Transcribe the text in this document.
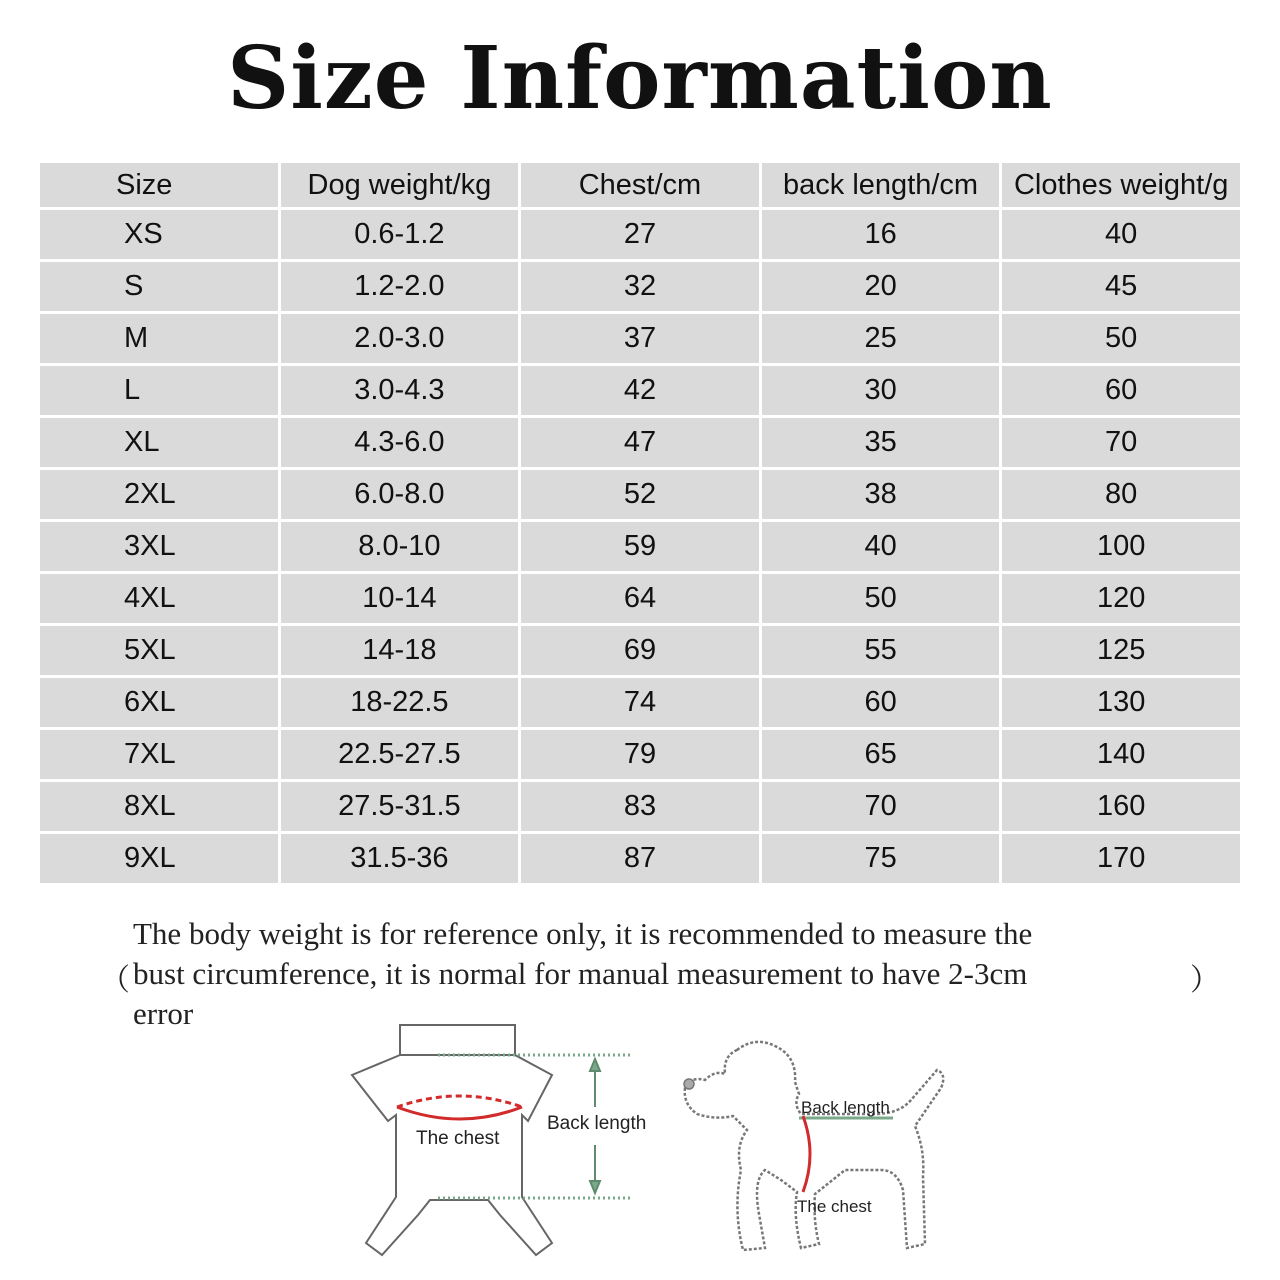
Size Information
Size	Dog weight/kg	Chest/cm	back length/cm	Clothes weight/g
XS	0.6-1.2	27	16	40
S	1.2-2.0	32	20	45
M	2.0-3.0	37	25	50
L	3.0-4.3	42	30	60
XL	4.3-6.0	47	35	70
2XL	6.0-8.0	52	38	80
3XL	8.0-10	59	40	100
4XL	10-14	64	50	120
5XL	14-18	69	55	125
6XL	18-22.5	74	60	130
7XL	22.5-27.5	79	65	140
8XL	27.5-31.5	83	70	160
9XL	31.5-36	87	75	170
The body weight is for reference only, it is recommended to measure the
bust circumference, it is normal for manual measurement to have 2-3cm
error
（	）
The chest
Back length
Back length
The chest
